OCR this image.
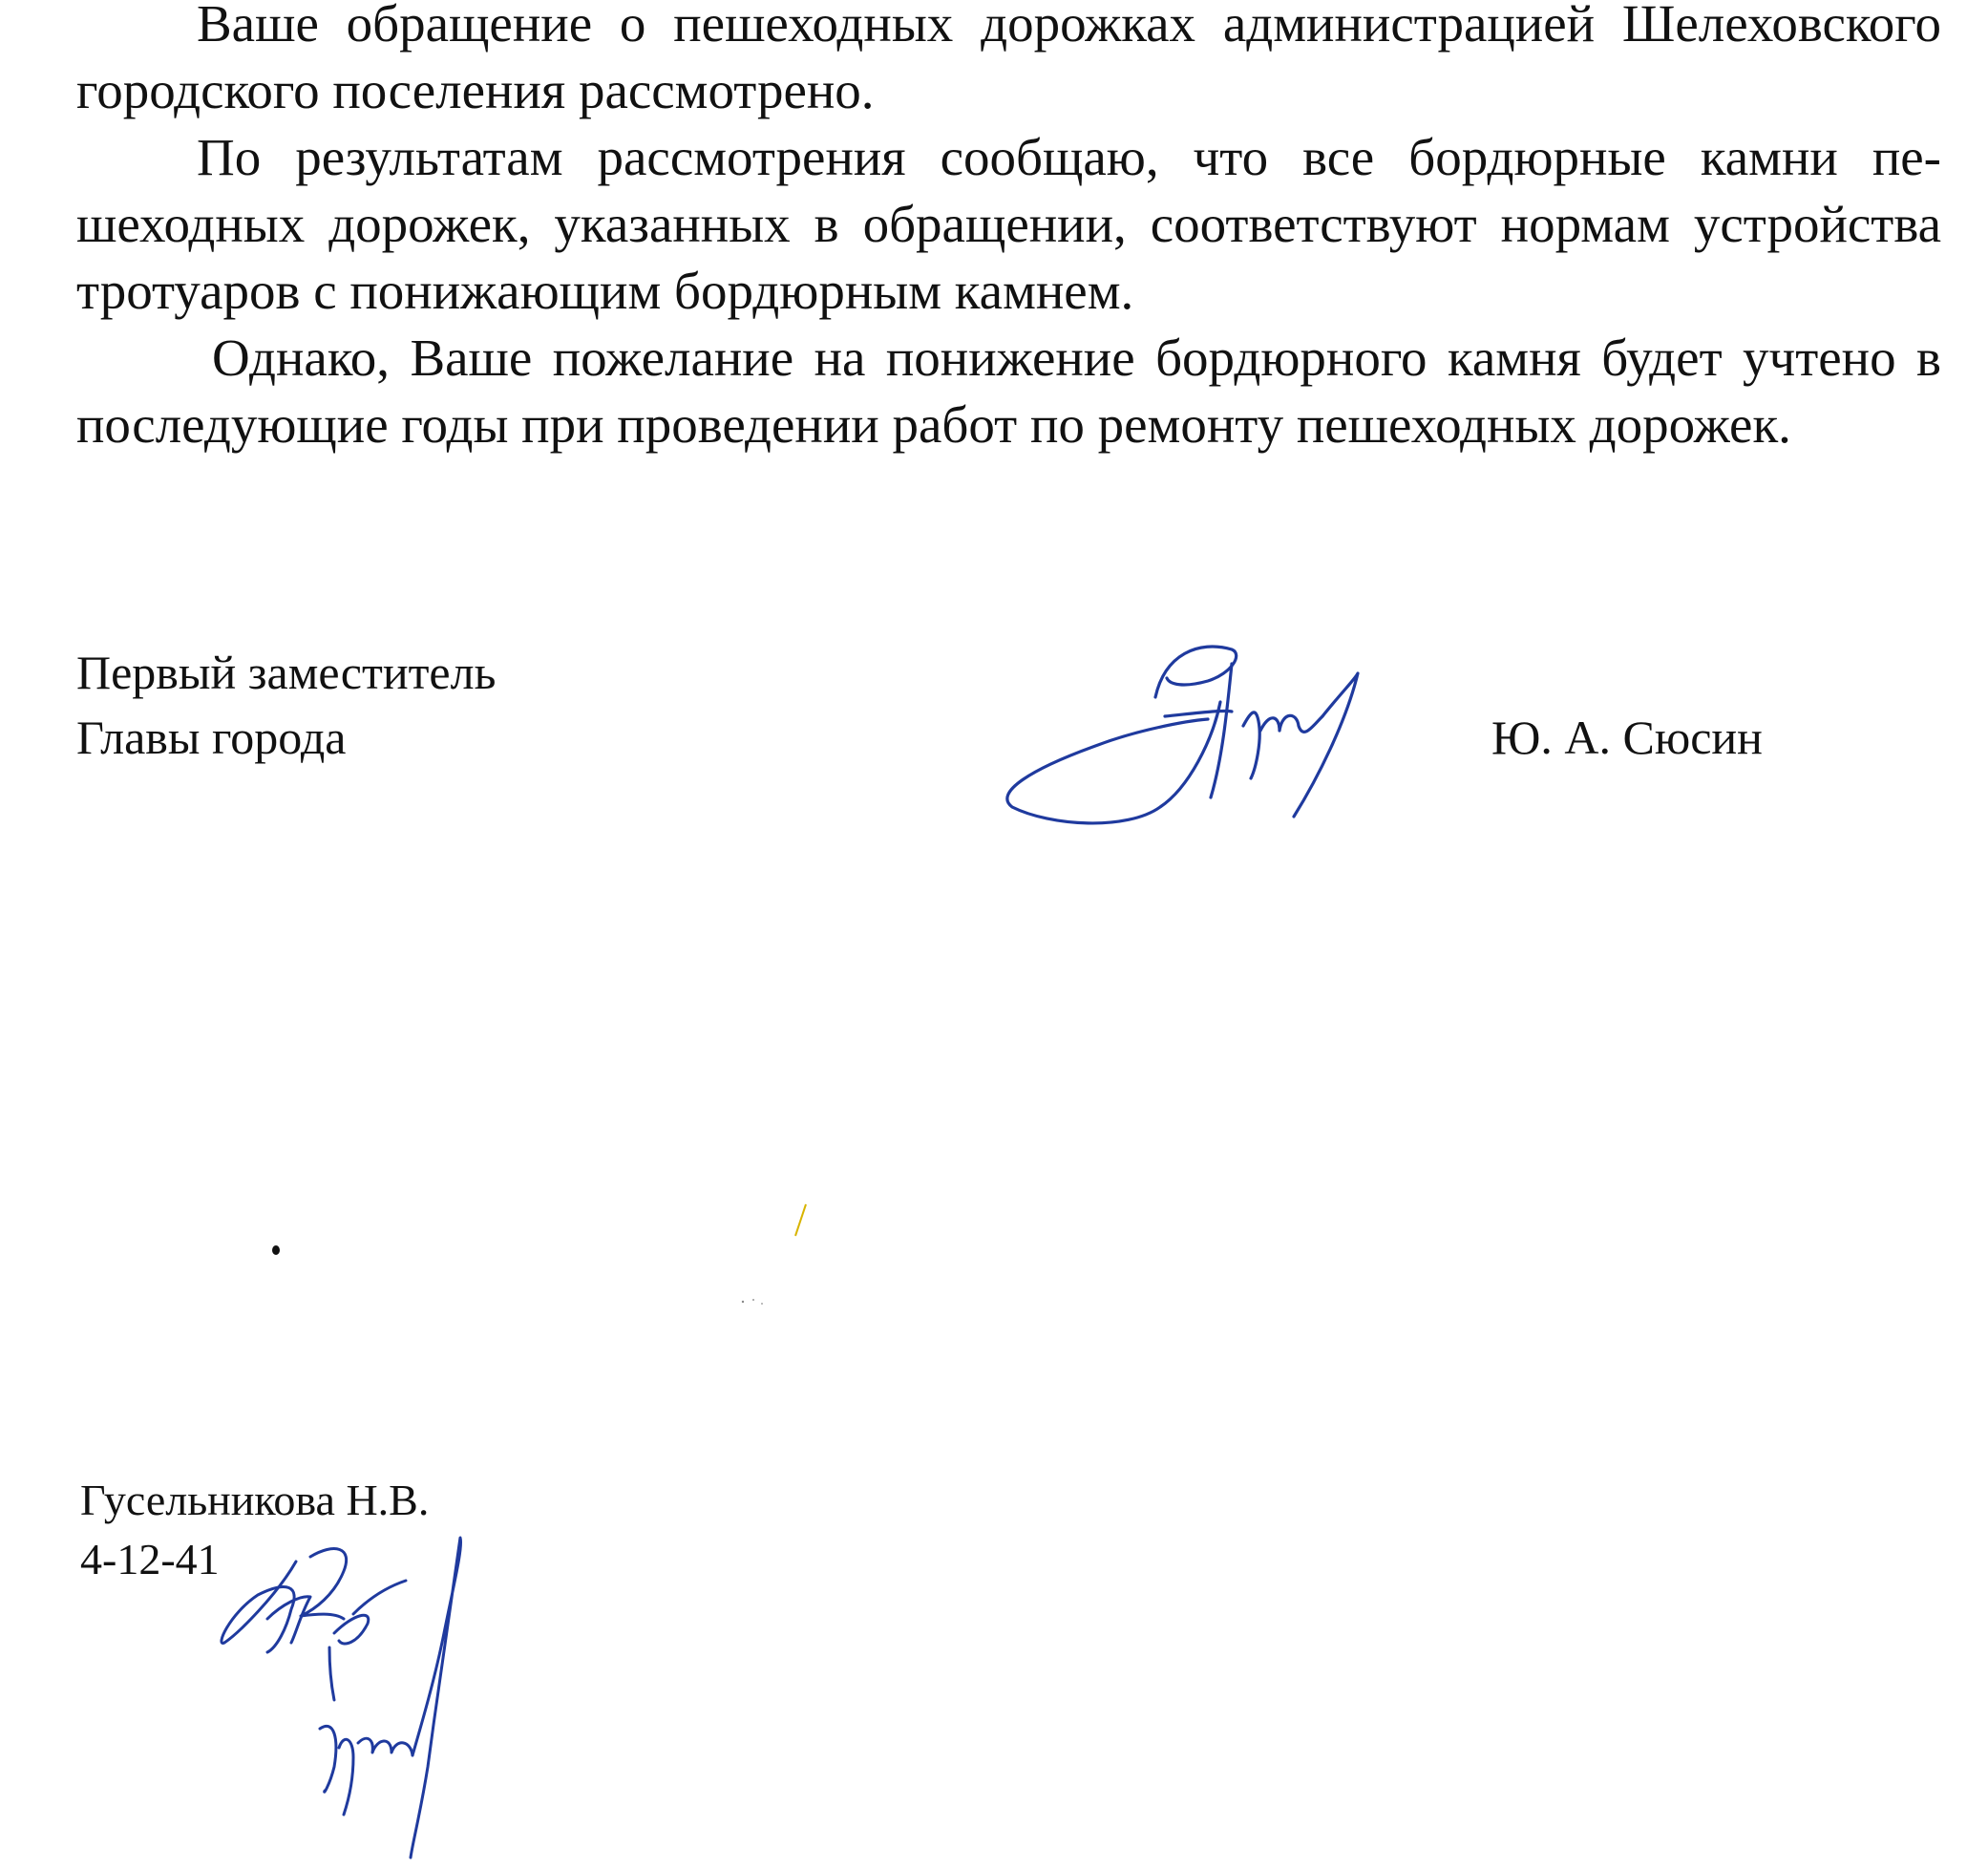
Ваше обращение о пешеходных дорожках администрацией Шелеховского городского поселения рассмотрено.

По результатам рассмотрения сообщаю, что все бордюрные камни пешеходных дорожек, указанных в обращении, соответствуют нормам устройства тротуаров с понижающим бордюрным камнем.

Однако, Ваше пожелание на понижение бордюрного камня будет учтено в последующие годы при проведении работ по ремонту пешеходных дорожек.

Первый заместитель
Главы города	Ю. А. Сюсин
Гусельникова Н.В.
4-12-41
